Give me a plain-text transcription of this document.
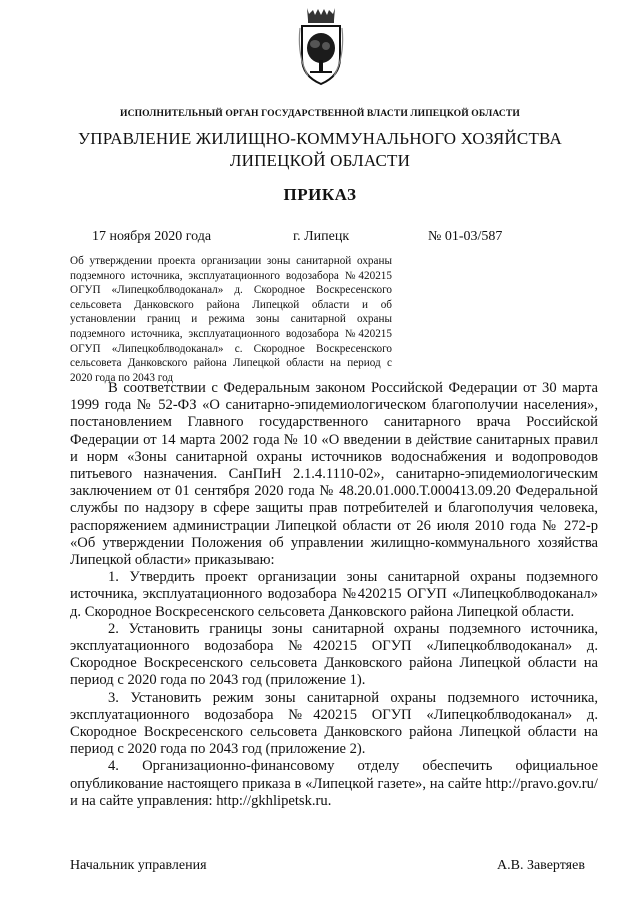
ИСПОЛНИТЕЛЬНЫЙ ОРГАН ГОСУДАРСТВЕННОЙ ВЛАСТИ ЛИПЕЦКОЙ ОБЛАСТИ
УПРАВЛЕНИЕ ЖИЛИЩНО-КОММУНАЛЬНОГО ХОЗЯЙСТВА ЛИПЕЦКОЙ ОБЛАСТИ
ПРИКАЗ
17 ноября 2020 года	г. Липецк	№ 01-03/587
Об утверждении проекта организации зоны санитарной охраны подземного источника, эксплуатационного водозабора №420215 ОГУП «Липецкоблводоканал» д. Скородное Воскресенского сельсовета Данковского района Липецкой области и об установлении границ и режима зоны санитарной охраны подземного источника, эксплуатационного водозабора №420215 ОГУП «Липецкоблводоканал» с. Скородное Воскресенского сельсовета Данковского района Липецкой области на период с 2020 года по 2043 год

В соответствии с Федеральным законом Российской Федерации от 30 марта 1999 года № 52-ФЗ «О санитарно-эпидемиологическом благополучии населения», постановлением Главного государственного санитарного врача Российской Федерации от 14 марта 2002 года № 10 «О введении в действие санитарных правил и норм «Зоны санитарной охраны источников водоснабжения и водопроводов питьевого назначения. СанПиН 2.1.4.1110-02», санитарно-эпидемиологическим заключением от 01 сентября 2020 года № 48.20.01.000.Т.000413.09.20 Федеральной службы по надзору в сфере защиты прав потребителей и благополучия человека, распоряжением администрации Липецкой области от 26 июля 2010 года № 272-р «Об утверждении Положения об управлении жилищно-коммунального хозяйства Липецкой области» приказываю:

1. Утвердить проект организации зоны санитарной охраны подземного источника, эксплуатационного водозабора №420215 ОГУП «Липецкоблводоканал» д. Скородное Воскресенского сельсовета Данковского района Липецкой области.

2. Установить границы зоны санитарной охраны подземного источника, эксплуатационного водозабора №420215 ОГУП «Липецкоблводоканал» д. Скородное Воскресенского сельсовета Данковского района Липецкой области на период с 2020 года по 2043 год (приложение 1).

3. Установить режим зоны санитарной охраны подземного источника, эксплуатационного водозабора №420215 ОГУП «Липецкоблводоканал» д. Скородное Воскресенского сельсовета Данковского района Липецкой области на период с 2020 года по 2043 год (приложение 2).

4. Организационно-финансовому отделу обеспечить официальное опубликование настоящего приказа в «Липецкой газете», на сайте http://pravo.gov.ru/ и на сайте управления: http://gkhlipetsk.ru.

Начальник управления	А.В. Завертяев
